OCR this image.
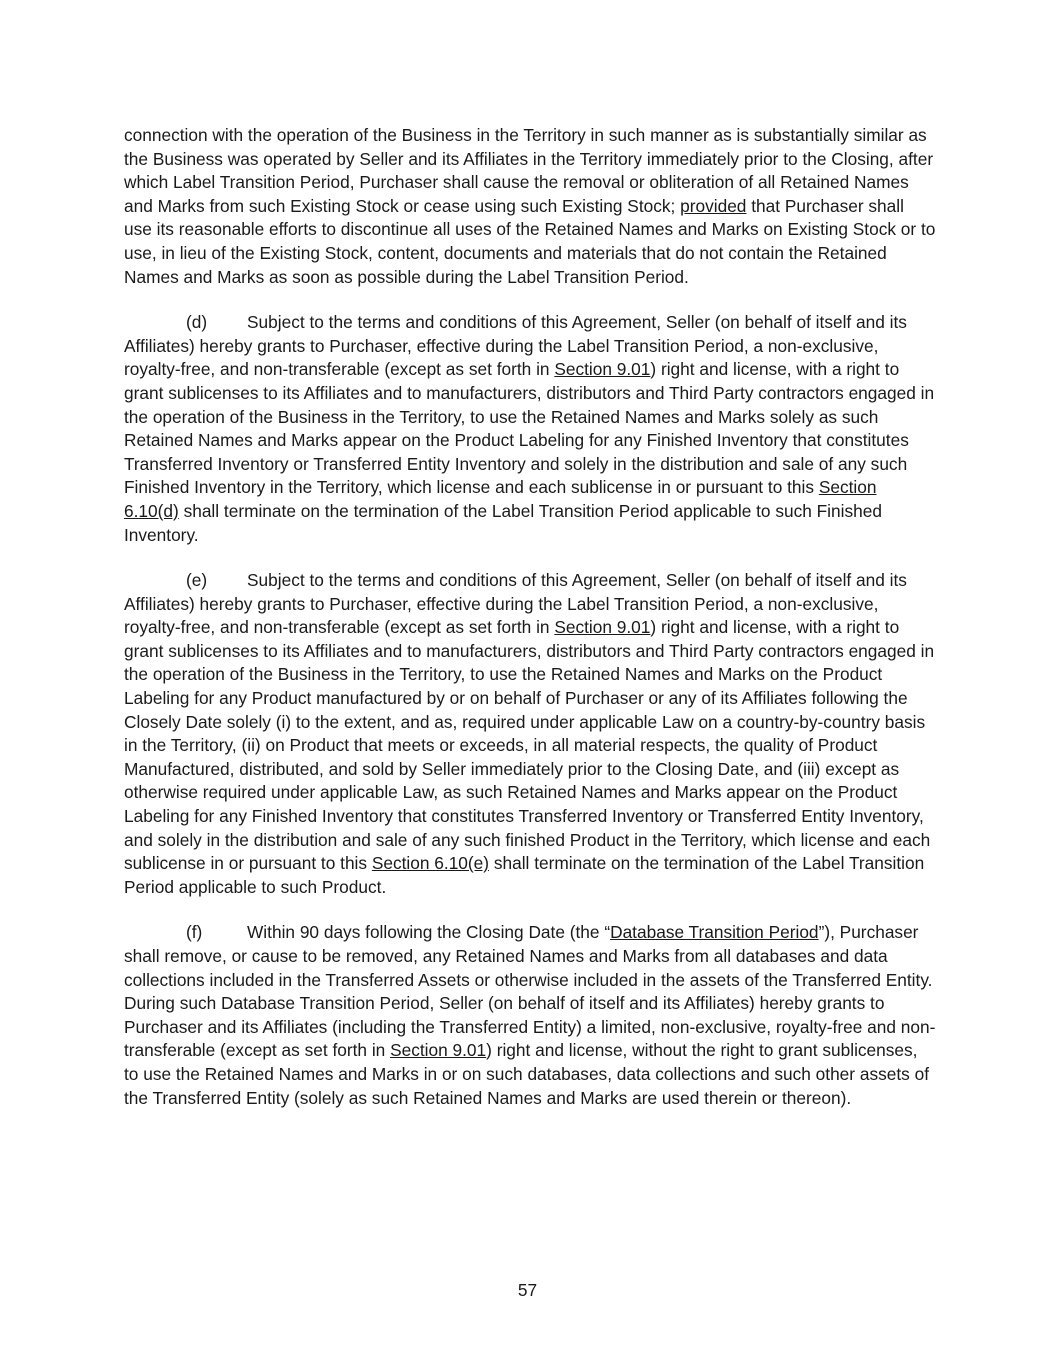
connection with the operation of the Business in the Territory in such manner as is substantially similar as the Business was operated by Seller and its Affiliates in the Territory immediately prior to the Closing, after which Label Transition Period, Purchaser shall cause the removal or obliteration of all Retained Names and Marks from such Existing Stock or cease using such Existing Stock; provided that Purchaser shall use its reasonable efforts to discontinue all uses of the Retained Names and Marks on Existing Stock or to use, in lieu of the Existing Stock, content, documents and materials that do not contain the Retained Names and Marks as soon as possible during the Label Transition Period.

(d) Subject to the terms and conditions of this Agreement, Seller (on behalf of itself and its Affiliates) hereby grants to Purchaser, effective during the Label Transition Period, a non-exclusive, royalty-free, and non-transferable (except as set forth in Section 9.01) right and license, with a right to grant sublicenses to its Affiliates and to manufacturers, distributors and Third Party contractors engaged in the operation of the Business in the Territory, to use the Retained Names and Marks solely as such Retained Names and Marks appear on the Product Labeling for any Finished Inventory that constitutes Transferred Inventory or Transferred Entity Inventory and solely in the distribution and sale of any such Finished Inventory in the Territory, which license and each sublicense in or pursuant to this Section 6.10(d) shall terminate on the termination of the Label Transition Period applicable to such Finished Inventory.

(e) Subject to the terms and conditions of this Agreement, Seller (on behalf of itself and its Affiliates) hereby grants to Purchaser, effective during the Label Transition Period, a non-exclusive, royalty-free, and non-transferable (except as set forth in Section 9.01) right and license, with a right to grant sublicenses to its Affiliates and to manufacturers, distributors and Third Party contractors engaged in the operation of the Business in the Territory, to use the Retained Names and Marks on the Product Labeling for any Product manufactured by or on behalf of Purchaser or any of its Affiliates following the Closely Date solely (i) to the extent, and as, required under applicable Law on a country-by-country basis in the Territory, (ii) on Product that meets or exceeds, in all material respects, the quality of Product Manufactured, distributed, and sold by Seller immediately prior to the Closing Date, and (iii) except as otherwise required under applicable Law, as such Retained Names and Marks appear on the Product Labeling for any Finished Inventory that constitutes Transferred Inventory or Transferred Entity Inventory, and solely in the distribution and sale of any such finished Product in the Territory, which license and each sublicense in or pursuant to this Section 6.10(e) shall terminate on the termination of the Label Transition Period applicable to such Product.

(f)	Within 90 days following the Closing Date (the “Database Transition Period”), Purchaser shall remove, or cause to be removed, any Retained Names and Marks from all databases and data collections included in the Transferred Assets or otherwise included in the assets of the Transferred Entity. During such Database Transition Period, Seller (on behalf of itself and its Affiliates) hereby grants to Purchaser and its Affiliates (including the Transferred Entity) a limited, non-exclusive, royalty-free and non-transferable (except as set forth in Section 9.01) right and license, without the right to grant sublicenses, to use the Retained Names and Marks in or on such databases, data collections and such other assets of the Transferred Entity (solely as such Retained Names and Marks are used therein or thereon).

57
